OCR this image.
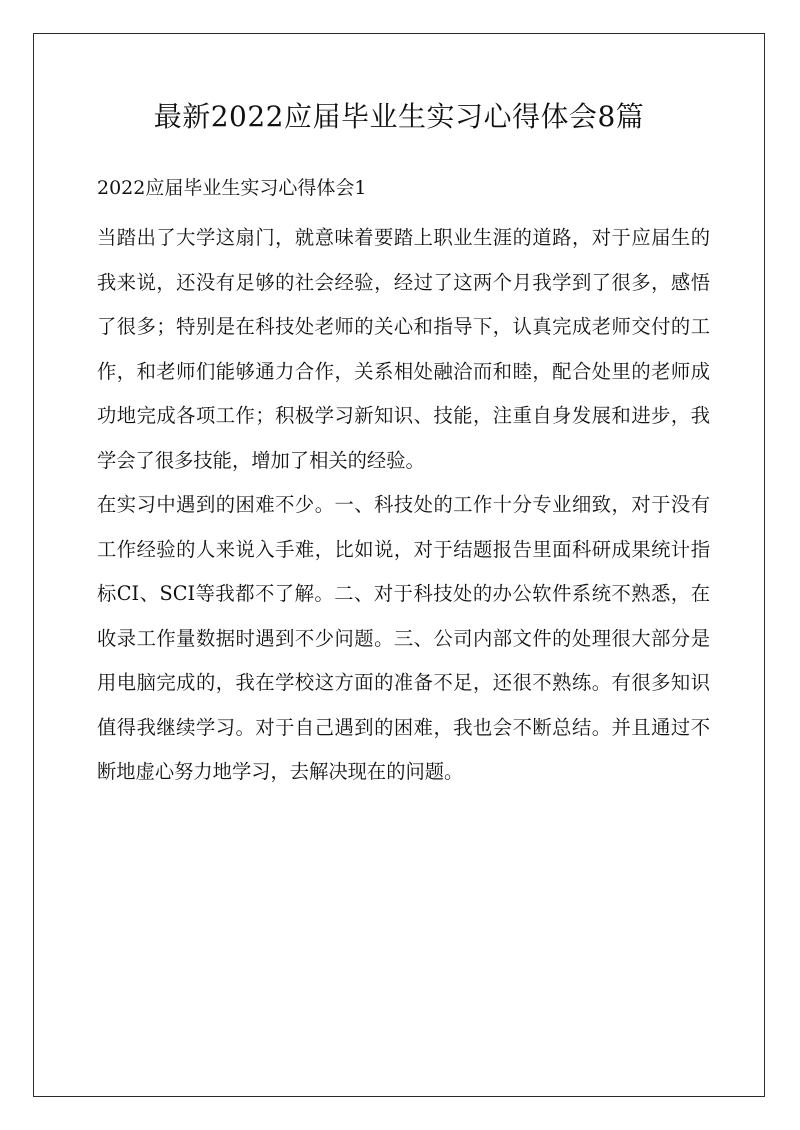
最新2022应届毕业生实习心得体会8篇
2022应届毕业生实习心得体会1

当踏出了大学这扇门，就意味着要踏上职业生涯的道路，对于应届生的我来说，还没有足够的社会经验，经过了这两个月我学到了很多，感悟了很多；特别是在科技处老师的关心和指导下，认真完成老师交付的工作，和老师们能够通力合作，关系相处融洽而和睦，配合处里的老师成功地完成各项工作；积极学习新知识、技能，注重自身发展和进步，我学会了很多技能，增加了相关的经验。

在实习中遇到的困难不少。一、科技处的工作十分专业细致，对于没有工作经验的人来说入手难，比如说，对于结题报告里面科研成果统计指标CI、SCI等我都不了解。二、对于科技处的办公软件系统不熟悉，在收录工作量数据时遇到不少问题。三、公司内部文件的处理很大部分是用电脑完成的，我在学校这方面的准备不足，还很不熟练。有很多知识值得我继续学习。对于自己遇到的困难，我也会不断总结。并且通过不断地虚心努力地学习，去解决现在的问题。
